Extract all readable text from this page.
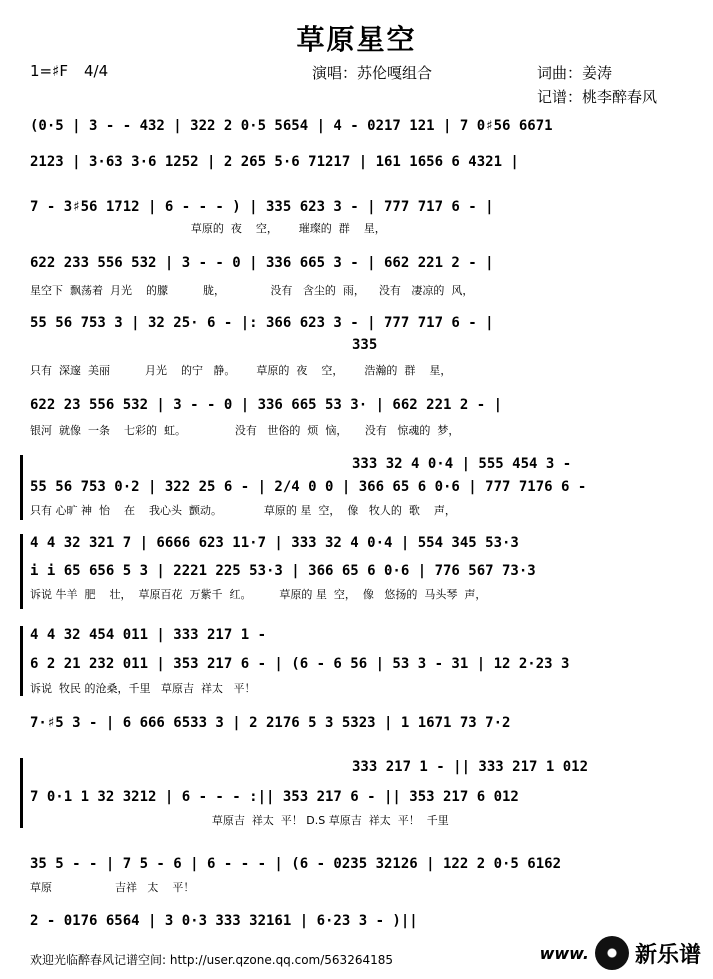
草原星空
1=♯F 4/4	演唱：苏伦嘎组合	词曲：姜涛
记谱：桃李醉春风
(0·5 | 3 - - 432 | 322 2 0·5 5654 | 4 - 0217 121 | 7 0♯56 6671
2123 | 3·63 3·6 1252 | 2 265 5·6 71217 | 161 1656 6 4321 |
7 - 3♯56 1712 | 6 - - - ) | 335 623 3 - | 777 717 6 - |
草原的  夜    空，      璀璨的  群    星，
622 233 556 532 | 3 - - 0 | 336 665 3 - | 662 221 2 - |
星空下  飘荡着  月光    的朦          胧，             没有   含尘的  雨，    没有   凄凉的  风，
55 56 753 3 | 32 25· 6 - |: 366 623 3 - | 777 717 6 - |
335
只有  深邃  美丽          月光    的宁   静。      草原的  夜    空，      浩瀚的  群    星，
622 23 556 532 | 3 - - 0 | 336 665 53 3· | 662 221 2 - |
银河  就像  一条    七彩的  虹。              没有   世俗的  烦  恼，     没有   惊魂的  梦，
333 32 4 0·4 | 555 454 3 -
55 56 753 0·2 | 322 25 6 - | 2/4 0 0 | 366 65 6 0·6 | 777 7176 6 -
只有 心旷 神  怡    在    我心头  颤动。            草原的 星  空，  像   牧人的  歌    声，
4 4 32 321 7 | 6666 623 11·7 | 333 32 4 0·4 | 554 345 53·3
i i 65 656 5 3 | 2221 225 53·3 | 366 65 6 0·6 | 776 567 73·3
诉说 牛羊  肥    壮，  草原百花  万紫千  红。        草原的 星  空，  像   悠扬的  马头琴  声，
4 4 32 454 011 | 333 217 1 -
6 2 21 232 011 | 353 217 6 - | (6 - 6 56 | 53 3 - 31 | 12 2·23 3
诉说  牧民 的沧桑，千里   草原吉  祥太   平！
7·♯5 3 - | 6 666 6533 3 | 2 2176 5 3 5323 | 1 1671 73 7·2
333 217 1 - || 333 217 1 012
7 0·1 1 32 3212 | 6 - - - :|| 353 217 6 - || 353 217 6 012
草原吉  祥太  平！ D.S 草原吉  祥太  平！  千里
35 5 - - | 7 5 - 6 | 6 - - - | (6 - 0235 32126 | 122 2 0·5 6162
草原                  吉祥   太    平！
2 - 0176 6564 | 3 0·3 333 32161 | 6·23 3 - )||
欢迎光临醉春风记谱空间: http://user.qzone.qq.com/563264185	www. 新乐谱
